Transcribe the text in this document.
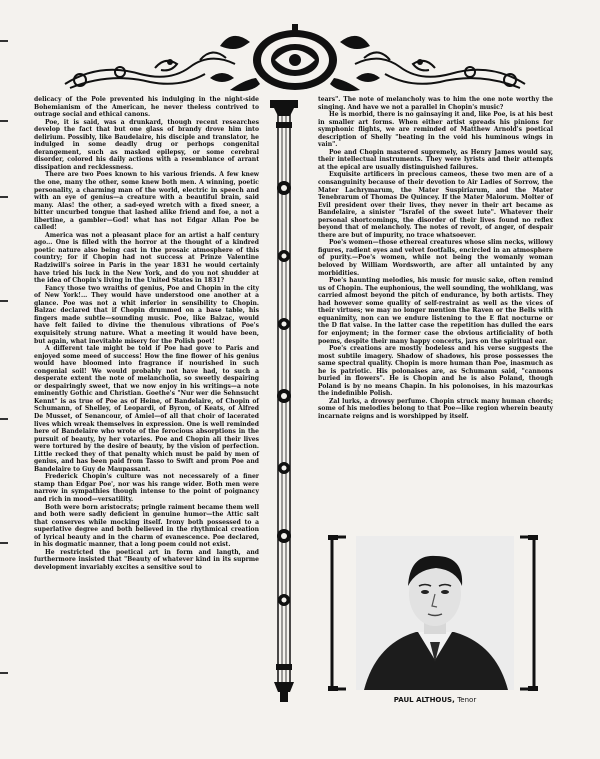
delicacy of the Pole prevented his indulging in the night-side Bohemianism of the American, he never theless contrived to outrage social and ethical canons.

Poe, it is said, was a drunkard, though recent researches develop the fact that but one glass of brandy drove him into delirium. Possibly, like Baudelaire, his disciple and translator, he indulged in some deadly drug or perhops congenital derangement, such as masked epilepsy, or some cerebral disorder, colored his daily actions with a resemblance of arrant dissipation and recklessness.

There are two Poes known to his various friends. A few knew the one, many the other, some knew both men. A winning, poetic personality, a charming man of the world, electric in speech and with an eye of genius—a creature with a beautiful brain, said many. Alas! the other, a sad-eyed wretch with a fixed sneer, a bitter uncurbed tongue that lashed alike friend and foe, a not a libertine, a gambler—God! what has not Edgar Allan Poe be called!

America was not a pleasant place for an artist a half century ago... One is filled with the horror at the thought of a kindred poetic nature also being cast in the prosaic atmosphere of this country; for if Chopin had not success at Prinze Valentine Radziwill's soiree in Paris in the year 1831 he would certainly have tried his luck in the New York, and do you not shudder at the idea of Chopin's living in the United States in 1831?

Fancy those two wraiths of genius, Poe and Chopin in the city of New York!... They would have understood one another at a glance. Poe was not a whit inferior in sensibility to Chopin. Balzac declared that if Chopin drummed on a base table, his fingers made subtle—sounding music. Poe, like Balzac, would have felt failed to divine the thenulous vibrations of Poe's exquisitely strung nature. What a meeting it would have been, but again, what inevitable misery for the Polish poet!

A different tale might be told if Poe had gove to Paris and enjoyed some meed of success! How the fine flower of his genius would have bloomed into fragrance if nourished in such congenial soil! We would probably not have had, to such a desperate extent the note of melancholia, so sweetly despairing or despairingly sweet, that we now enjoy in his writings—a note eminently Gothic and Christian. Goethe's "Nur wer die Sehnsucht Kennt" is as true of Poe as of Heine, of Bandelaire, of Chopin of Schumann, of Shelley, of Leopardi, of Byron, of Keats, of Alfred De Musset, of Senancour, of Amiel—of all that choir of lacerated lives which wreak themselves in expression. One is well reminded here of Bandelaire who wrote of the ferocious absorptions in the pursuit of beauty, by her votaries. Poe and Chopin ali their lives were tortured by the desire of beauty, by the vision of perfection. Little recked they of that penalty which must be paid by men of genius, and has been paid from Tasso to Swift and prom Poe and Bandelaire to Guy de Maupassant.

Frederick Chopin's culture was not necessarely of a finer stamp than Edgar Poe', nor was his range wider. Both men were narrow in sympathies though intense to the point of poignancy and rich in mood—versatility.

Both were born aristocrats; pringle raiment became them well and both were sadly deficient in genuine humor—the Attic salt that conserves while mocking itself. Irony both possessed to a superlative degree and both believed in the rhythmical creation of lyrical beauty and in the charm of evanescence. Poe declared, in his dogmatic manner, that a long poem could not exist.

He restricted the poetical art in form and langth, and furthermore insisted that "Beauty of whatever kind in its suprme development invariably excites a sensitive soul to

tears". The note of melancholy was to him the one note worthy the singing. And have we not a parallel in Chopin's music?

He is morbid, there is no gainsaying it and, like Poe, is at his best in smaller art forms. When either artist spreads his pinions for symphonic flights, we are reminded of Matthew Arnold's poetical description of Shelly "beating in the void his huminous wings in vain".

Poe and Chopin mastered supremely, as Henry James would say, their intellectual instruments. They were lyrists and their attempts at the epical are usually distinguished failures.

Exquisite artificers in precious cameos, these two men are of a consanguinity because of their devotion to Air Ladies of Sorrow, the Mater Lachrymarum, the Mater Suspiriarum, and the Mater Tenebrarum of Thomas De Quincey. If the Mater Malorum. Molter of Evil president over their lives, they never in their art became as Bandelaire, a sinister "Israfel of the sweet lute". Whatever their personal shortcomings, the disorder of their lives found no reflex beyond that of melancholy. The notes of revolt, of anger, of despair there are but of impurity, no trace whatsoever.

Poe's women—those ethereal creatures whose slim necks, willowy figures, radient eyes and velvet footfalls, encircled in an atmosphere of purity.—Poe's women, while not being the womanly woman beloved by William Wordsworth, are after all untainted by any morbidities.

Poe's haunting melodies, his music for music sake, often remind us of Chopin. The euphonious, the well sounding, the wohlklang, was carried almost beyond the pitch of endurance, by both artists. They had however some quality of self-restraint as well as the vices of their virtues; we may no longer mention the Raven or the Bells with equanimity, non can we endure listening to the E flat nocturne or the D flat valse. In the latter case the repetition has dulled the ears for enjoyment; in the former case the obvious artificiality of both poems, despite their many happy concerts, jars on the spiritual ear.

Poe's creations are mostly bodeless and his verse suggests the most subtile imagery. Shadow of shadows, his prose possesses the same spectral quality. Chopin is more human than Poe, inasmuch as he is patriotic. His polonaises are, as Schumann said, "cannons buried in flowers". He is Chopin and he is also Poland, though Poland is by no means Chapin. In his polonoises, in his mazourkas the indefinible Polish.

Zal lurks, a drowsy perfume. Chopin struck many human chords; some of his melodies belong to that Poe—like region wherein beauty incarnate reigns and is worshipped by itself.

PAUL ALTHOUS, Tenor
